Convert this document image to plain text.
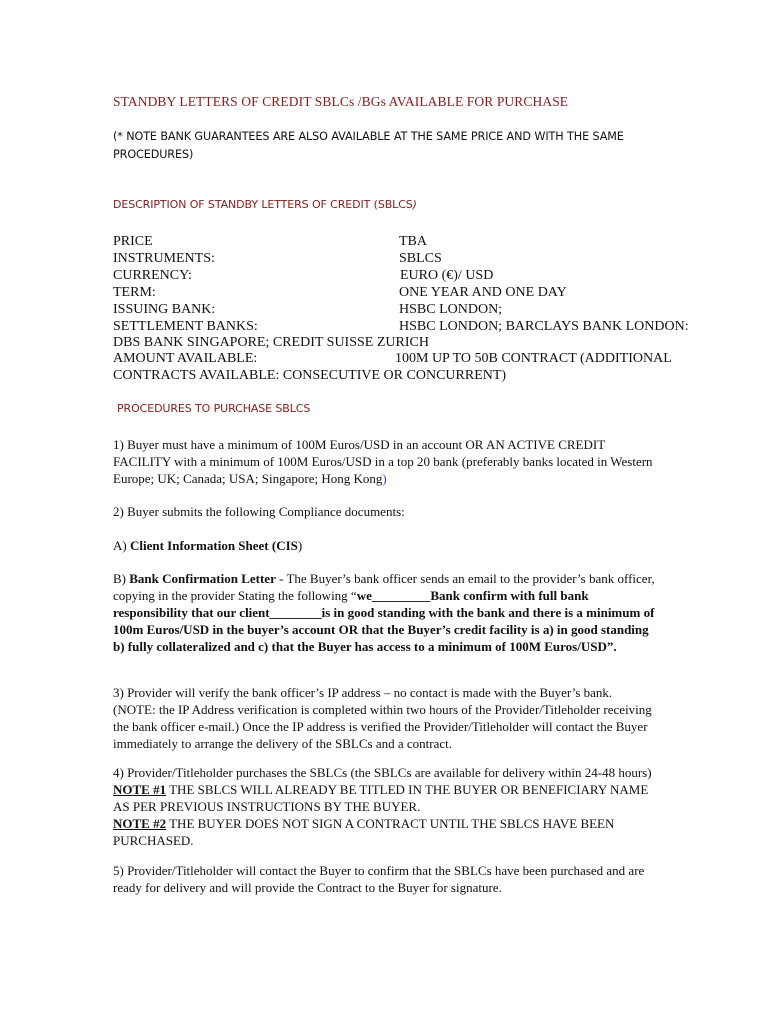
STANDBY LETTERS OF CREDIT SBLCs /BGs AVAILABLE FOR PURCHASE
(* NOTE BANK GUARANTEES ARE ALSO AVAILABLE AT THE SAME PRICE AND WITH THE SAME PROCEDURES)
DESCRIPTION OF STANDBY LETTERS OF CREDIT (SBLCS)
PRICE	TBA
INSTRUMENTS:	SBLCS
CURRENCY:	EURO (€)/ USD
TERM:	ONE YEAR AND ONE DAY
ISSUING BANK:	HSBC LONDON;
SETTLEMENT BANKS:	HSBC LONDON; BARCLAYS BANK LONDON:
DBS BANK SINGAPORE; CREDIT SUISSE ZURICH
AMOUNT AVAILABLE:	100M UP TO 50B CONTRACT (ADDITIONAL
CONTRACTS AVAILABLE: CONSECUTIVE OR CONCURRENT)
PROCEDURES TO PURCHASE SBLCS
1) Buyer must have a minimum of 100M Euros/USD in an account OR AN ACTIVE CREDIT FACILITY with a minimum of 100M Euros/USD in a top 20 bank (preferably banks located in Western Europe; UK; Canada; USA; Singapore; Hong Kong)
2) Buyer submits the following Compliance documents:
A) Client Information Sheet (CIS)
B) Bank Confirmation Letter - The Buyer’s bank officer sends an email to the provider’s bank officer, copying in the provider Stating the following “we_________Bank confirm with full bank responsibility that our client________is in good standing with the bank and there is a minimum of 100m Euros/USD in the buyer’s account OR that the Buyer’s credit facility is a) in good standing b) fully collateralized and c) that the Buyer has access to a minimum of 100M Euros/USD”.
3) Provider will verify the bank officer’s IP address – no contact is made with the Buyer’s bank. (NOTE: the IP Address verification is completed within two hours of the Provider/Titleholder receiving the bank officer e-mail.) Once the IP address is verified the Provider/Titleholder will contact the Buyer immediately to arrange the delivery of the SBLCs and a contract.
4) Provider/Titleholder purchases the SBLCs (the SBLCs are available for delivery within 24-48 hours) NOTE #1 THE SBLCS WILL ALREADY BE TITLED IN THE BUYER OR BENEFICIARY NAME AS PER PREVIOUS INSTRUCTIONS BY THE BUYER.
NOTE #2 THE BUYER DOES NOT SIGN A CONTRACT UNTIL THE SBLCS HAVE BEEN PURCHASED.
5) Provider/Titleholder will contact the Buyer to confirm that the SBLCs have been purchased and are ready for delivery and will provide the Contract to the Buyer for signature.
